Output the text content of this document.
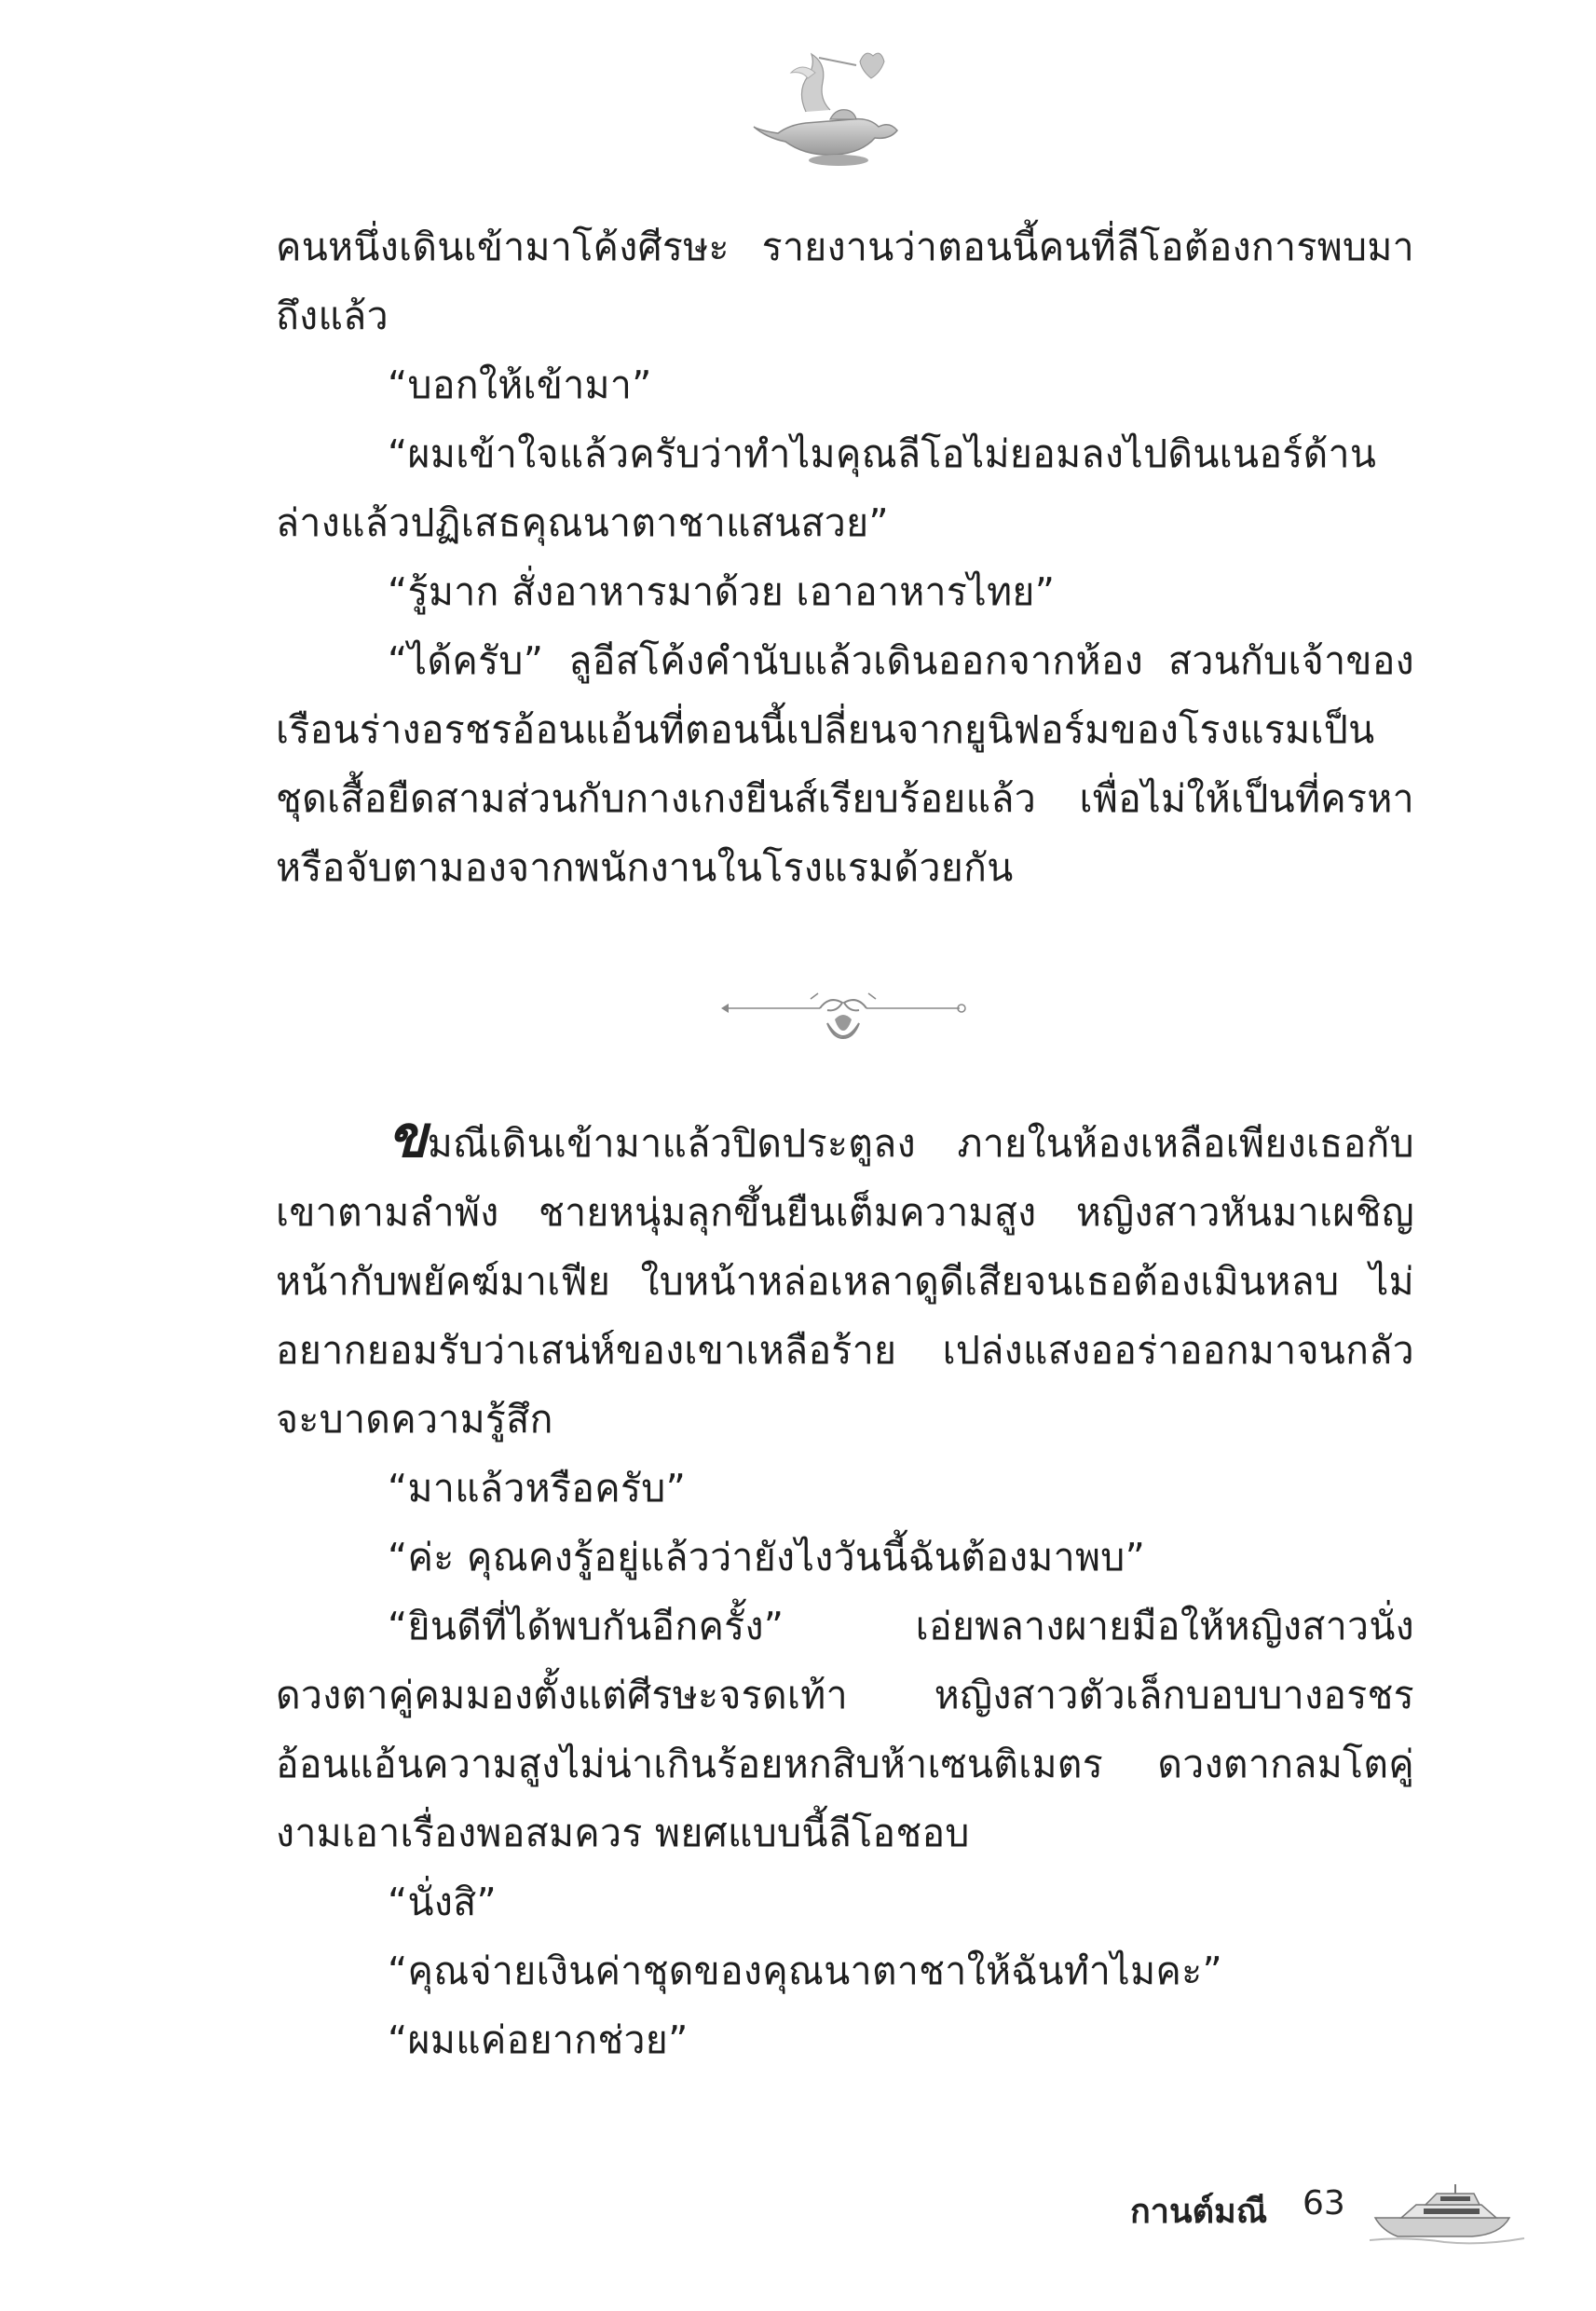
คนหนึ่งเดินเข้ามาโค้งศีรษะ รายงานว่าตอนนี้คนที่ลีโอต้องการพบมาถึงแล้ว

“บอกให้เข้ามา”

“ผมเข้าใจแล้วครับว่าทำไมคุณลีโอไม่ยอมลงไปดินเนอร์ด้านล่างแล้วปฏิเสธคุณนาตาชาแสนสวย”

“รู้มาก สั่งอาหารมาด้วย เอาอาหารไทย”

“ได้ครับ” ลูอีสโค้งคำนับแล้วเดินออกจากห้อง สวนกับเจ้าของเรือนร่างอรชรอ้อนแอ้นที่ตอนนี้เปลี่ยนจากยูนิฟอร์มของโรงแรมเป็นชุดเสื้อยืดสามส่วนกับกางเกงยีนส์เรียบร้อยแล้ว เพื่อไม่ให้เป็นที่ครหาหรือจับตามองจากพนักงานในโรงแรมด้วยกัน

ขมณีเดินเข้ามาแล้วปิดประตูลง ภายในห้องเหลือเพียงเธอกับเขาตามลำพัง ชายหนุ่มลุกขึ้นยืนเต็มความสูง หญิงสาวหันมาเผชิญหน้ากับพยัคฆ์มาเฟีย ใบหน้าหล่อเหลาดูดีเสียจนเธอต้องเมินหลบ ไม่อยากยอมรับว่าเสน่ห์ของเขาเหลือร้าย เปล่งแสงออร่าออกมาจนกลัวจะบาดความรู้สึก

“มาแล้วหรือครับ”

“ค่ะ คุณคงรู้อยู่แล้วว่ายังไงวันนี้ฉันต้องมาพบ”

“ยินดีที่ได้พบกันอีกครั้ง” เอ่ยพลางผายมือให้หญิงสาวนั่ง ดวงตาคู่คมมองตั้งแต่ศีรษะจรดเท้า หญิงสาวตัวเล็กบอบบางอรชรอ้อนแอ้นความสูงไม่น่าเกินร้อยหกสิบห้าเซนติเมตร ดวงตากลมโตคู่งามเอาเรื่องพอสมควร พยศแบบนี้ลีโอชอบ

“นั่งสิ”

“คุณจ่ายเงินค่าชุดของคุณนาตาชาให้ฉันทำไมคะ”

“ผมแค่อยากช่วย”

กานต์มณี 63
